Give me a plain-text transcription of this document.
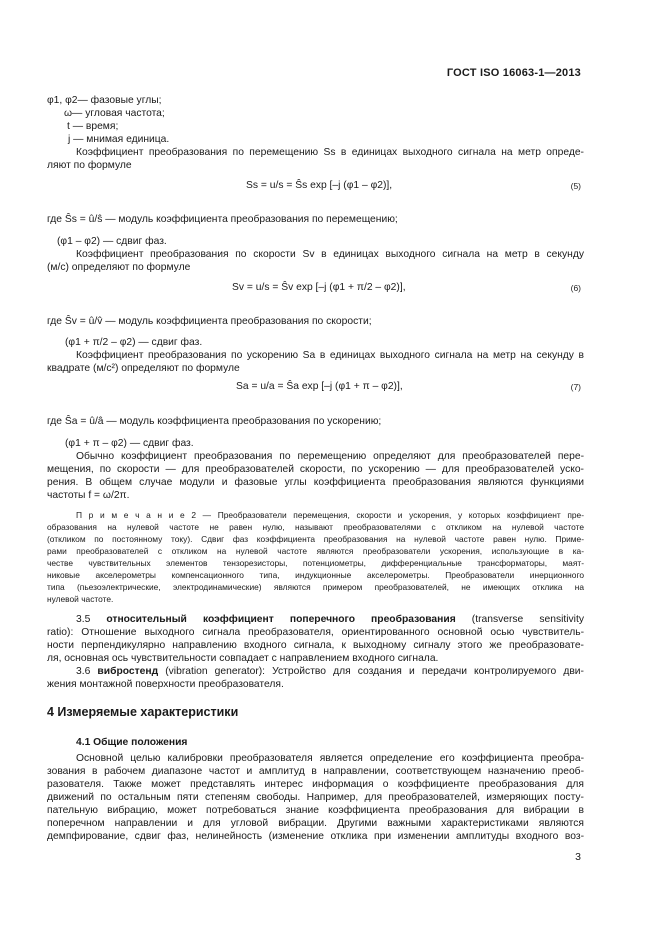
ГОСТ ISO 16063-1—2013
φ1, φ2— фазовые углы;
ω— угловая частота;
t — время;
j — мнимая единица.
Коэффициент преобразования по перемещению Ss в единицах выходного сигнала на метр опреде-
ляют по формуле
Ss = u/s = Ŝs exp [–j (φ1 – φ2)],	(5)
где Ŝs = û/ŝ — модуль коэффициента преобразования по перемещению;
(φ1 – φ2) — сдвиг фаз.
Коэффициент преобразования по скорости Sv в единицах выходного сигнала на метр в секунду
(м/с) определяют по формуле
Sv = u/s = Ŝv exp [–j (φ1 + π/2 – φ2)],	(6)
где Ŝv = û/v̂ — модуль коэффициента преобразования по скорости;
(φ1 + π/2 – φ2) — сдвиг фаз.
Коэффициент преобразования по ускорению Sa в единицах выходного сигнала на метр на секунду в
квадрате (м/с²) определяют по формуле
Sa = u/a = Ŝa exp [–j (φ1 + π – φ2)],	(7)
где Ŝa = û/â — модуль коэффициента преобразования по ускорению;
(φ1 + π – φ2) — сдвиг фаз.
Обычно коэффициент преобразования по перемещению определяют для преобразователей пере-
мещения, по скорости — для преобразователей скорости, по ускорению — для преобразователей уско-
рения. В общем случае модули и фазовые углы коэффициента преобразования являются функциями
частоты f = ω/2π.
П р и м е ч а н и е 2 — Преобразователи перемещения, скорости и ускорения, у которых коэффициент пре-
образования на нулевой частоте не равен нулю, называют преобразователями с откликом на нулевой частоте
(откликом по постоянному току). Сдвиг фаз коэффициента преобразования на нулевой частоте равен нулю. Приме-
рами преобразователей с откликом на нулевой частоте являются преобразователи ускорения, использующие в ка-
честве чувствительных элементов тензорезисторы, потенциометры, дифференциальные трансформаторы, маят-
никовые акселерометры компенсационного типа, индукционные акселерометры. Преобразователи инерционного
типа (пьезоэлектрические, электродинамические) являются примером преобразователей, не имеющих отклика на
нулевой частоте.
3.5 относительный коэффициент поперечного преобразования (transverse sensitivity
ratio): Отношение выходного сигнала преобразователя, ориентированного основной осью чувствитель-
ности перпендикулярно направлению входного сигнала, к выходному сигналу этого же преобразовате-
ля, основная ось чувствительности совпадает с направлением входного сигнала.
3.6 вибростенд (vibration generator): Устройство для создания и передачи контролируемого дви-
жения монтажной поверхности преобразователя.
4 Измеряемые характеристики
4.1 Общие положения
Основной целью калибровки преобразователя является определение его коэффициента преобра-
зования в рабочем диапазоне частот и амплитуд в направлении, соответствующем назначению преоб-
разователя. Также может представлять интерес информация о коэффициенте преобразования для
движений по остальным пяти степеням свободы. Например, для преобразователей, измеряющих посту-
пательную вибрацию, может потребоваться знание коэффициента преобразования для вибрации в
поперечном направлении и для угловой вибрации. Другими важными характеристиками являются
демпфирование, сдвиг фаз, нелинейность (изменение отклика при изменении амплитуды входного воз-
3
